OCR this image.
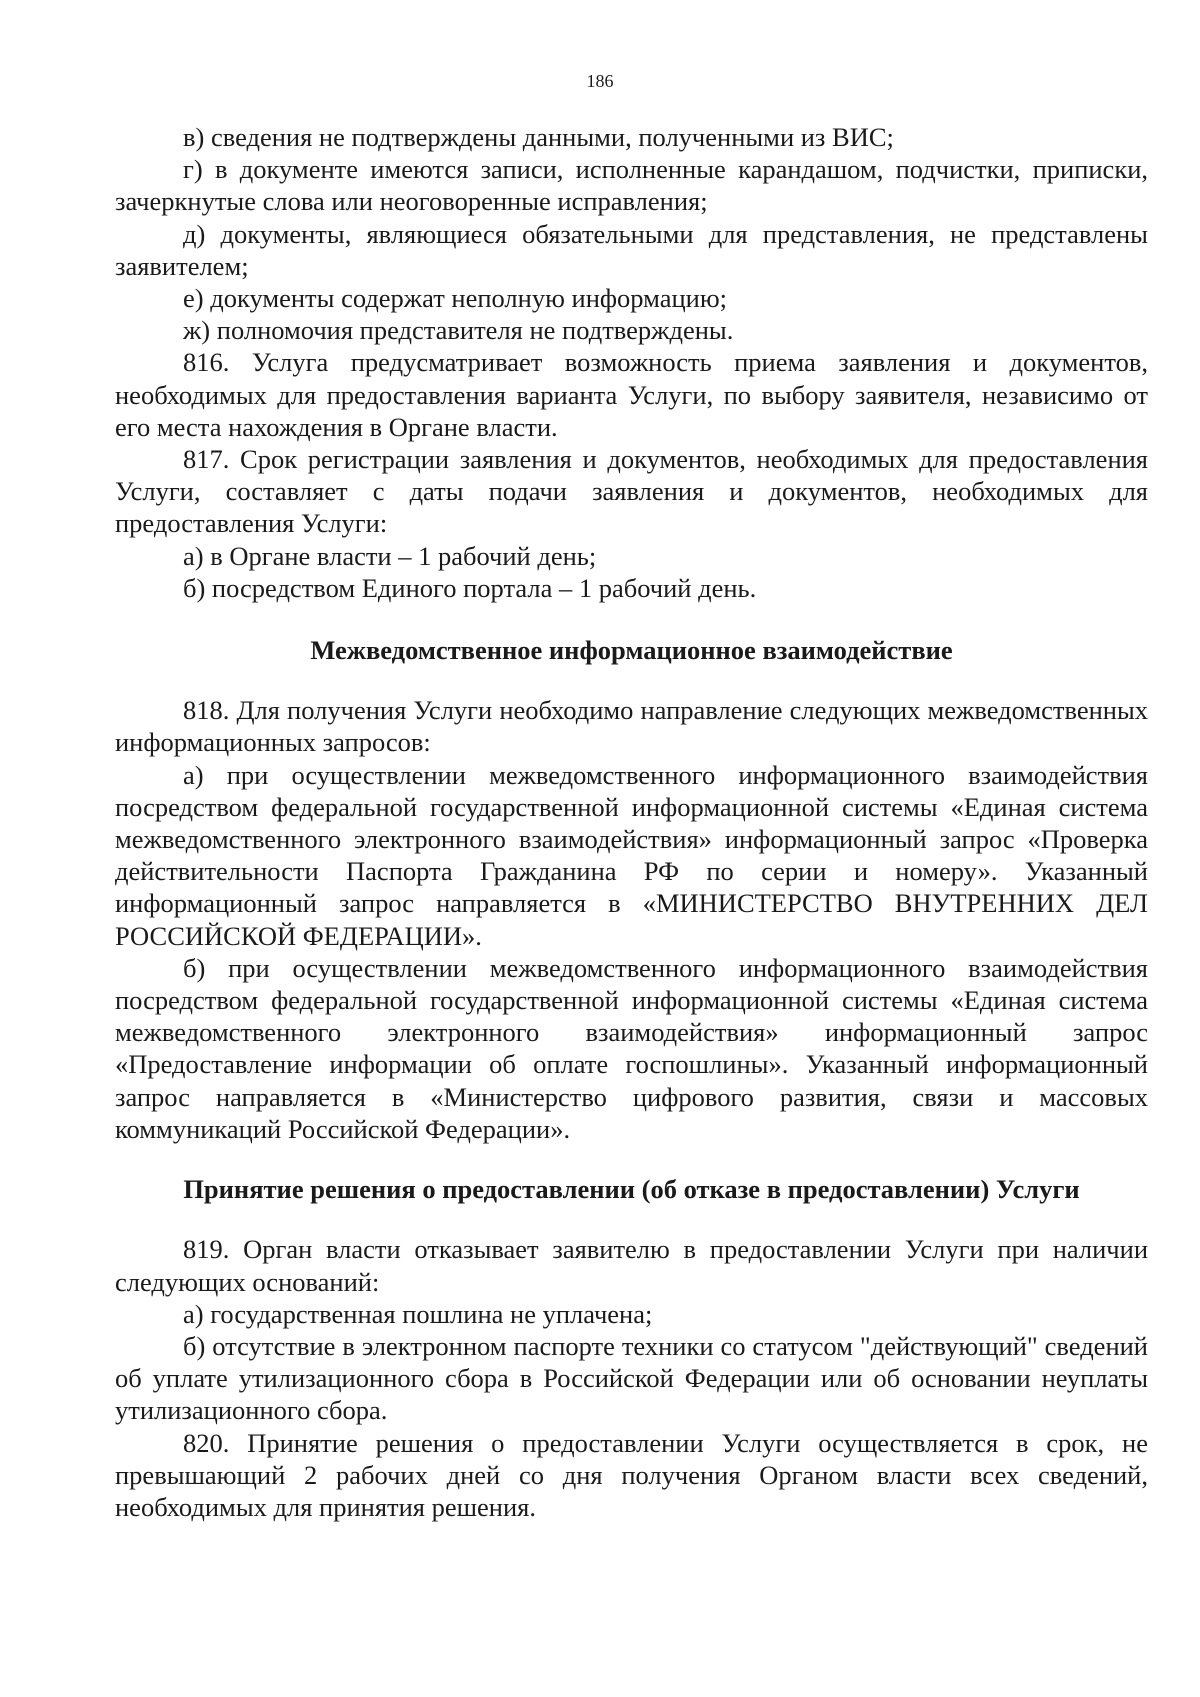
186

в) сведения не подтверждены данными, полученными из ВИС;

г) в документе имеются записи, исполненные карандашом, подчистки, приписки, зачеркнутые слова или неоговоренные исправления;

д) документы, являющиеся обязательными для представления, не представлены заявителем;

е) документы содержат неполную информацию;

ж) полномочия представителя не подтверждены.

816. Услуга предусматривает возможность приема заявления и документов, необходимых для предоставления варианта Услуги, по выбору заявителя, независимо от его места нахождения в Органе власти.

817. Срок регистрации заявления и документов, необходимых для предоставления Услуги, составляет с даты подачи заявления и документов, необходимых для предоставления Услуги:

а) в Органе власти – 1 рабочий день;

б) посредством Единого портала – 1 рабочий день.

Межведомственное информационное взаимодействие

818. Для получения Услуги необходимо направление следующих межведомственных информационных запросов:

а) при осуществлении межведомственного информационного взаимодействия посредством федеральной государственной информационной системы «Единая система межведомственного электронного взаимодействия» информационный запрос «Проверка действительности Паспорта Гражданина РФ по серии и номеру». Указанный информационный запрос направляется в «МИНИСТЕРСТВО ВНУТРЕННИХ ДЕЛ РОССИЙСКОЙ ФЕДЕРАЦИИ».

б) при осуществлении межведомственного информационного взаимодействия посредством федеральной государственной информационной системы «Единая система межведомственного электронного взаимодействия» информационный запрос «Предоставление информации об оплате госпошлины». Указанный информационный запрос направляется в «Министерство цифрового развития, связи и массовых коммуникаций Российской Федерации».

Принятие решения о предоставлении (об отказе в предоставлении) Услуги

819. Орган власти отказывает заявителю в предоставлении Услуги при наличии следующих оснований:

а) государственная пошлина не уплачена;

б) отсутствие в электронном паспорте техники со статусом "действующий" сведений об уплате утилизационного сбора в Российской Федерации или об основании неуплаты утилизационного сбора.

820. Принятие решения о предоставлении Услуги осуществляется в срок, не превышающий 2 рабочих дней со дня получения Органом власти всех сведений, необходимых для принятия решения.
